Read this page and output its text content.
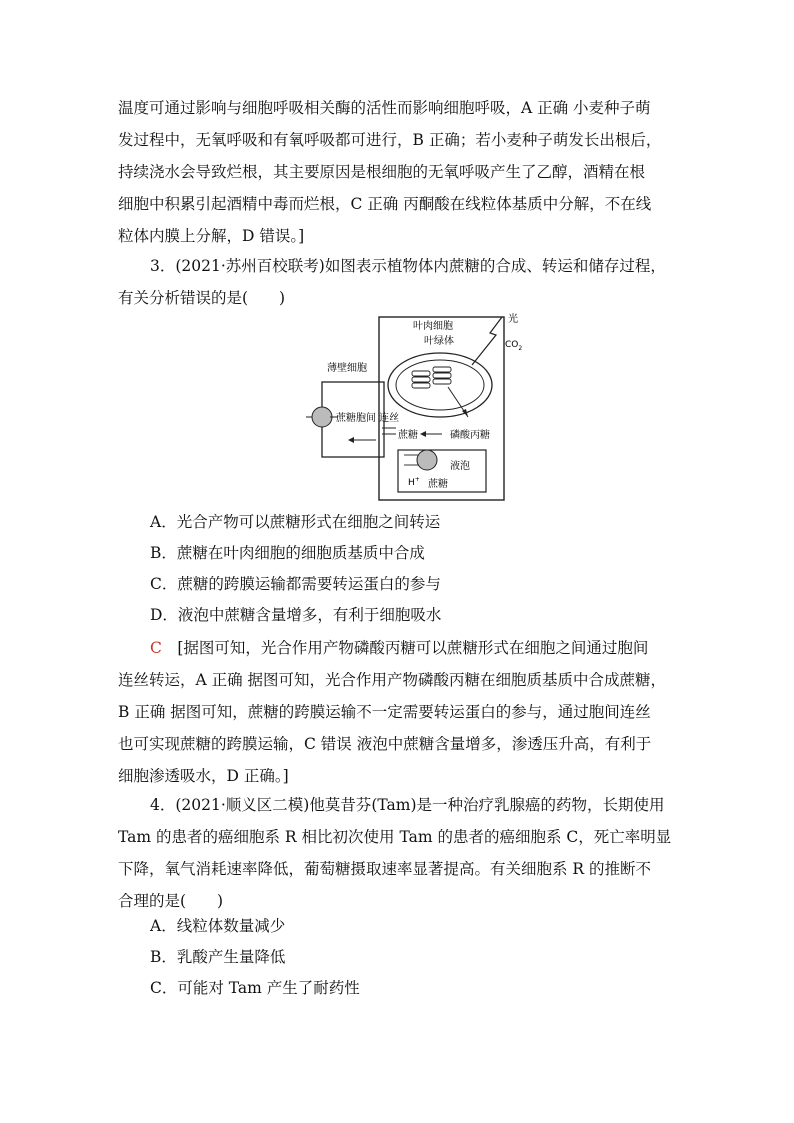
温度可通过影响与细胞呼吸相关酶的活性而影响细胞呼吸，A 正确 小麦种子萌
发过程中，无氧呼吸和有氧呼吸都可进行，B 正确；若小麦种子萌发长出根后，
持续浇水会导致烂根，其主要原因是根细胞的无氧呼吸产生了乙醇，酒精在根
细胞中积累引起酒精中毒而烂根，C 正确 丙酮酸在线粒体基质中分解，不在线
粒体内膜上分解，D 错误。]
3．(2021·苏州百校联考)如图表示植物体内蔗糖的合成、转运和储存过程，
有关分析错误的是(　　)
叶肉细胞
光
$CO_2$
叶绿体
磷酸丙糖
蔗糖
液泡
H+ 蔗糖
薄壁细胞
蔗糖胞间 连丝
A．光合产物可以蔗糖形式在细胞之间转运
B．蔗糖在叶肉细胞的细胞质基质中合成
C．蔗糖的跨膜运输都需要转运蛋白的参与
D．液泡中蔗糖含量增多，有利于细胞吸水
C　[据图可知，光合作用产物磷酸丙糖可以蔗糖形式在细胞之间通过胞间
连丝转运，A 正确 据图可知，光合作用产物磷酸丙糖在细胞质基质中合成蔗糖，
B 正确 据图可知，蔗糖的跨膜运输不一定需要转运蛋白的参与，通过胞间连丝
也可实现蔗糖的跨膜运输，C 错误 液泡中蔗糖含量增多，渗透压升高，有利于
细胞渗透吸水，D 正确。]
4．(2021·顺义区二模)他莫昔芬(Tam)是一种治疗乳腺癌的药物，长期使用
Tam 的患者的癌细胞系 R 相比初次使用 Tam 的患者的癌细胞系 C，死亡率明显
下降，氧气消耗速率降低，葡萄糖摄取速率显著提高。有关细胞系 R 的推断不
合理的是(　　)
A．线粒体数量减少
B．乳酸产生量降低
C．可能对 Tam 产生了耐药性
